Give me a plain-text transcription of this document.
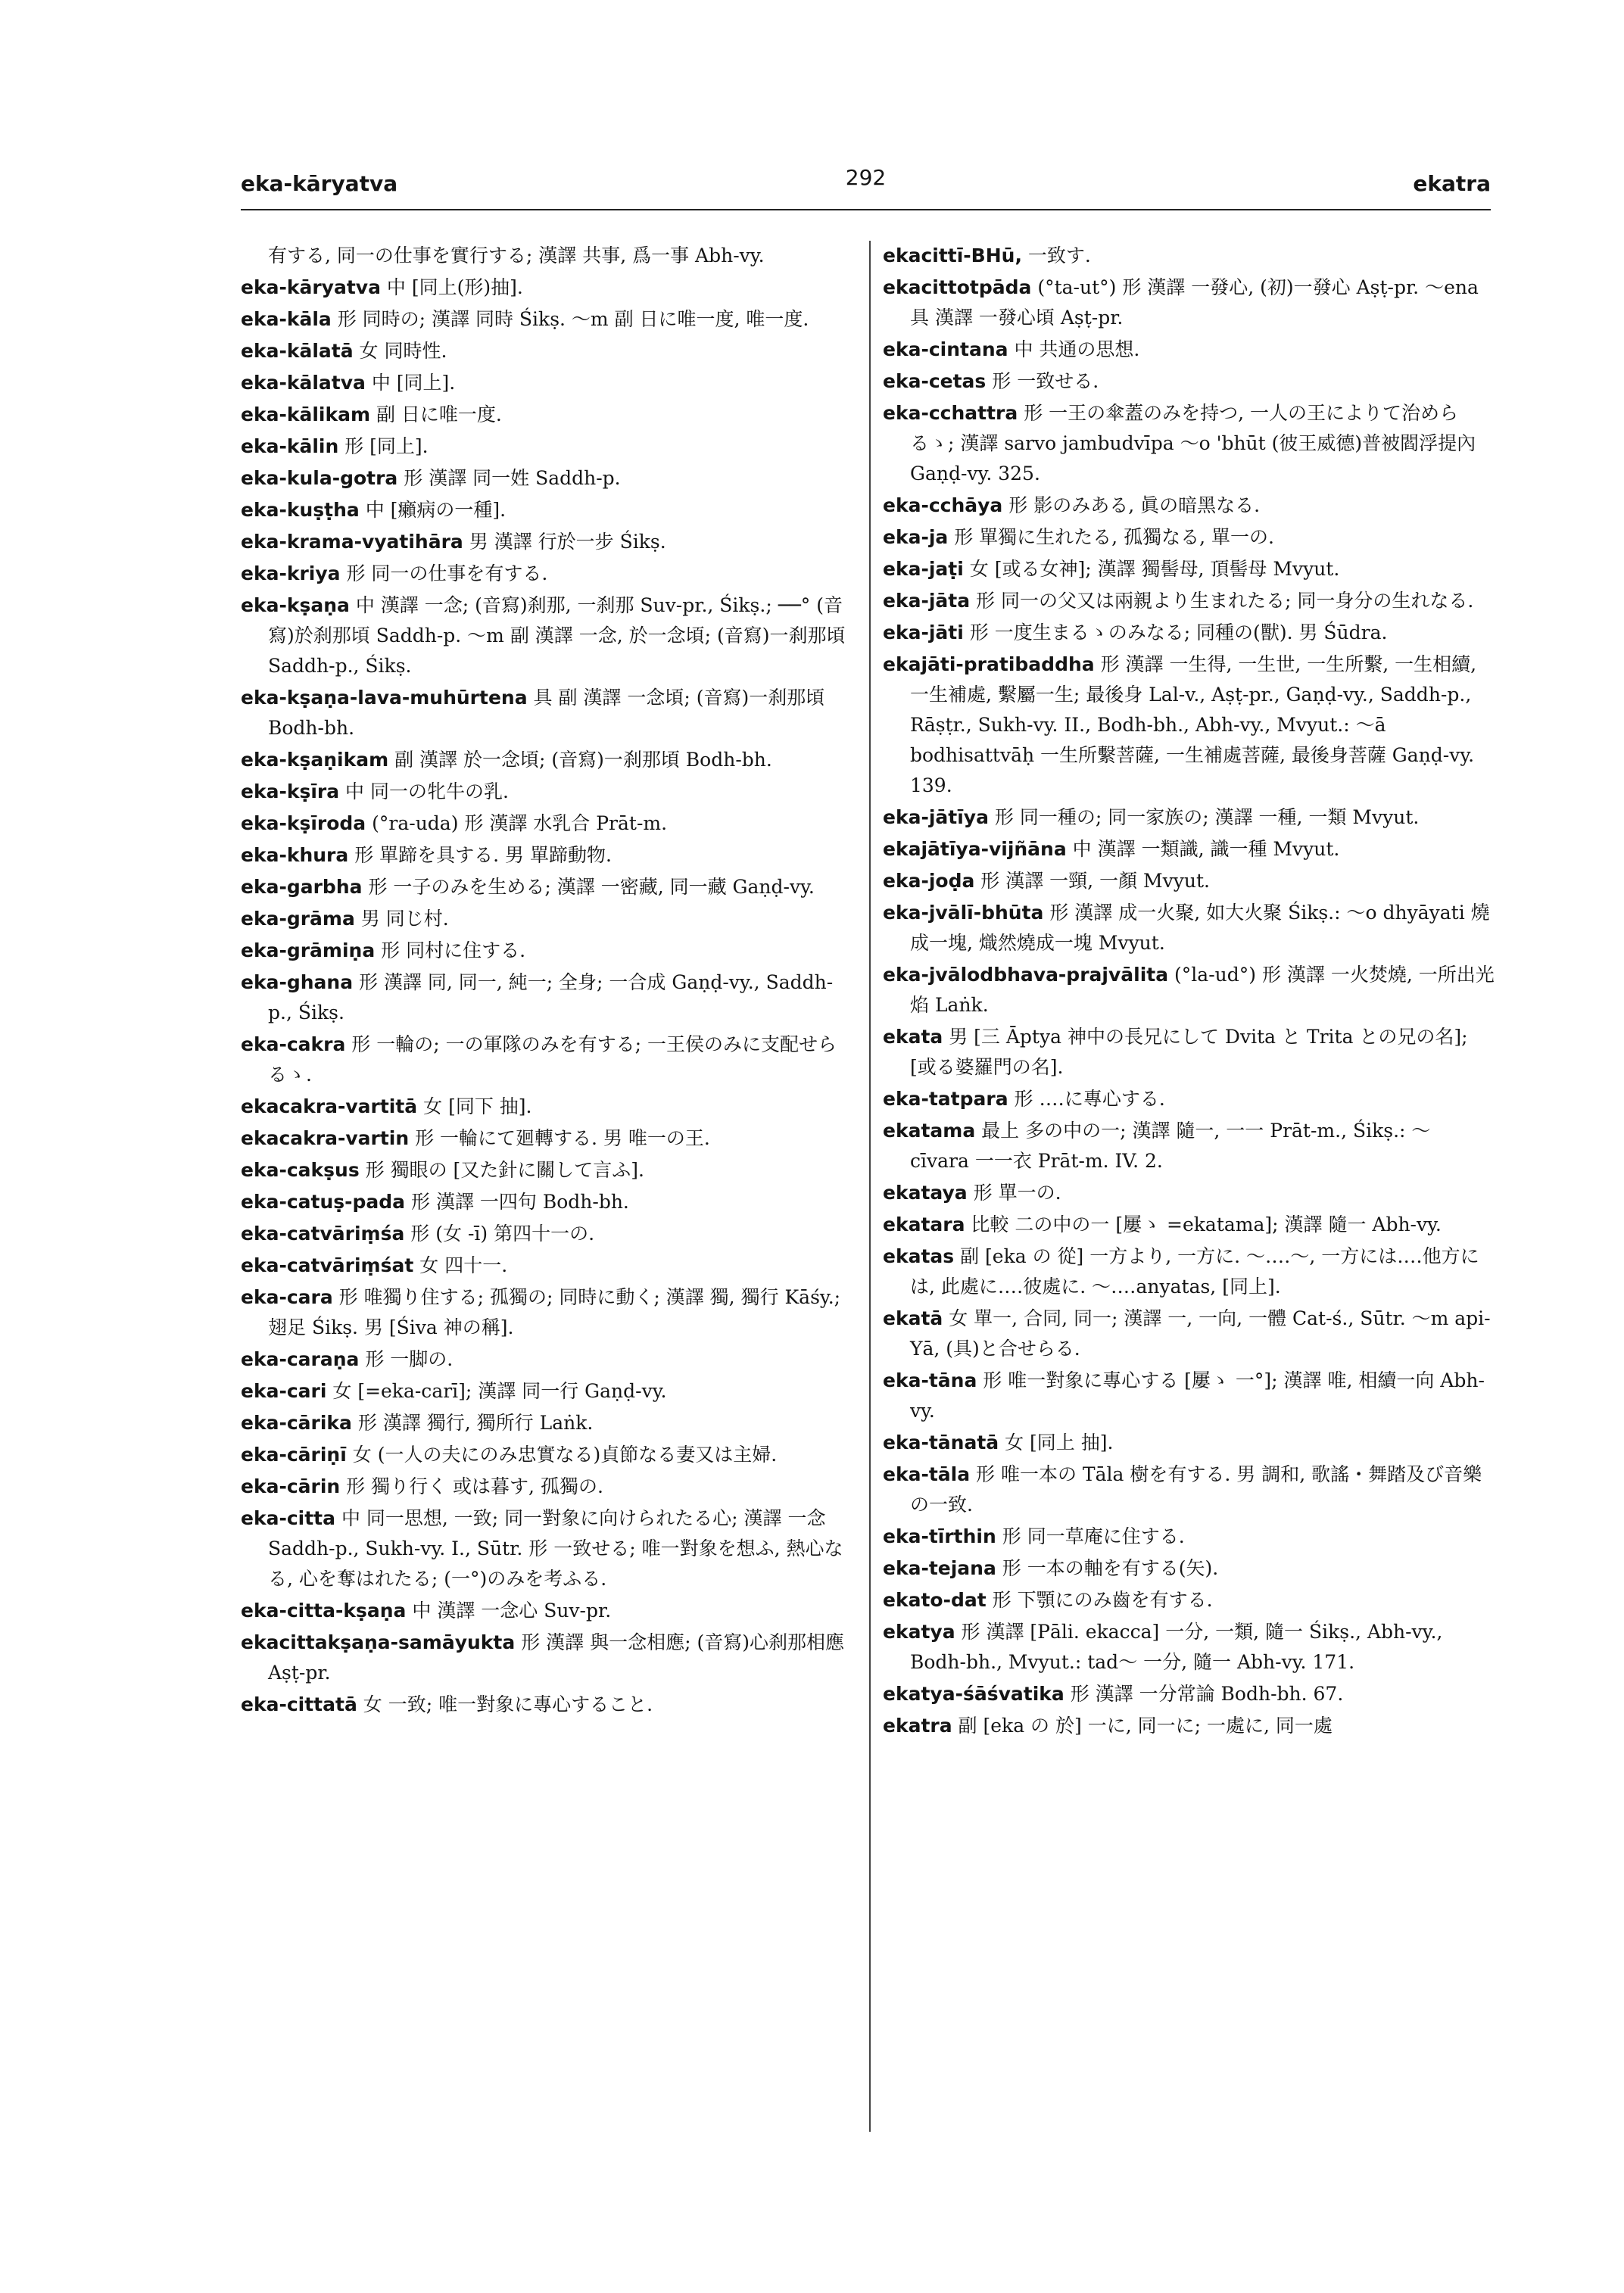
eka-kāryatva	292	ekatra
有する, 同一の仕事を實行する; 漢譯 共事, 爲一事 Abh-vy.
eka-kāryatva 中 [同上(形)抽].
eka-kāla 形 同時の; 漢譯 同時 Śikṣ. ～m 副 日に唯一度, 唯一度.
eka-kālatā 女 同時性.
eka-kālatva 中 [同上].
eka-kālikam 副 日に唯一度.
eka-kālin 形 [同上].
eka-kula-gotra 形 漢譯 同一姓 Saddh-p.
eka-kuṣṭha 中 [癩病の一種].
eka-krama-vyatihāra 男 漢譯 行於一步 Śikṣ.
eka-kriya 形 同一の仕事を有する.
eka-kṣaṇa 中 漢譯 一念; (音寫)刹那, 一刹那 Suv-pr., Śikṣ.; ──° (音寫)於刹那頃 Saddh-p. ～m 副 漢譯 一念, 於一念頃; (音寫)一刹那頃 Saddh-p., Śikṣ.
eka-kṣaṇa-lava-muhūrtena 具 副 漢譯 一念頃; (音寫)一刹那頃 Bodh-bh.
eka-kṣaṇikam 副 漢譯 於一念頃; (音寫)一刹那頃 Bodh-bh.
eka-kṣīra 中 同一の牝牛の乳.
eka-kṣīroda (°ra-uda) 形 漢譯 水乳合 Prāt-m.
eka-khura 形 單蹄を具する. 男 單蹄動物.
eka-garbha 形 一子のみを生める; 漢譯 一密藏, 同一藏 Gaṇḍ-vy.
eka-grāma 男 同じ村.
eka-grāmiṇa 形 同村に住する.
eka-ghana 形 漢譯 同, 同一, 純一; 全身; 一合成 Gaṇḍ-vy., Saddh-p., Śikṣ.
eka-cakra 形 一輪の; 一の軍隊のみを有する; 一王侯のみに支配せらるゝ.
ekacakra-vartitā 女 [同下 抽].
ekacakra-vartin 形 一輪にて廻轉する. 男 唯一の王.
eka-cakṣus 形 獨眼の [又た針に關して言ふ].
eka-catuṣ-pada 形 漢譯 一四句 Bodh-bh.
eka-catvāriṃśa 形 (女 -ī) 第四十一の.
eka-catvāriṃśat 女 四十一.
eka-cara 形 唯獨り住する; 孤獨の; 同時に動く; 漢譯 獨, 獨行 Kāśy.; 翅足 Śikṣ. 男 [Śiva 神の稱].
eka-caraṇa 形 一脚の.
eka-cari 女 [=eka-carī]; 漢譯 同一行 Gaṇḍ-vy.
eka-cārika 形 漢譯 獨行, 獨所行 Laṅk.
eka-cāriṇī 女 (一人の夫にのみ忠實なる)貞節なる妻又は主婦.
eka-cārin 形 獨り行く 或は暮す, 孤獨の.
eka-citta 中 同一思想, 一致; 同一對象に向けられたる心; 漢譯 一念 Saddh-p., Sukh-vy. I., Sūtr. 形 一致せる; 唯一對象を想ふ, 熱心なる, 心を奪はれたる; (一°)のみを考ふる.
eka-citta-kṣaṇa 中 漢譯 一念心 Suv-pr.
ekacittakṣaṇa-samāyukta 形 漢譯 與一念相應; (音寫)心刹那相應 Aṣṭ-pr.
eka-cittatā 女 一致; 唯一對象に專心すること.
ekacittī-BHū, 一致す.
ekacittotpāda (°ta-ut°) 形 漢譯 一發心, (初)一發心 Aṣṭ-pr. ～ena 具 漢譯 一發心頃 Aṣṭ-pr.
eka-cintana 中 共通の思想.
eka-cetas 形 一致せる.
eka-cchattra 形 一王の傘蓋のみを持つ, 一人の王によりて治めらるゝ; 漢譯 sarvo jambudvīpa ～o 'bhūt (彼王威德)普被閻浮提內 Gaṇḍ-vy. 325.
eka-cchāya 形 影のみある, 眞の暗黑なる.
eka-ja 形 單獨に生れたる, 孤獨なる, 單一の.
eka-jaṭi 女 [或る女神]; 漢譯 獨髻母, 頂髻母 Mvyut.
eka-jāta 形 同一の父又は兩親より生まれたる; 同一身分の生れなる.
eka-jāti 形 一度生まるゝのみなる; 同種の(獸). 男 Śūdra.
ekajāti-pratibaddha 形 漢譯 一生得, 一生世, 一生所繫, 一生相續, 一生補處, 繫屬一生; 最後身 Lal-v., Aṣṭ-pr., Gaṇḍ-vy., Saddh-p., Rāṣṭr., Sukh-vy. II., Bodh-bh., Abh-vy., Mvyut.: ～ā bodhisattvāḥ 一生所繫菩薩, 一生補處菩薩, 最後身菩薩 Gaṇḍ-vy. 139.
eka-jātīya 形 同一種の; 同一家族の; 漢譯 一種, 一類 Mvyut.
ekajātīya-vijñāna 中 漢譯 一類識, 識一種 Mvyut.
eka-joḍa 形 漢譯 一頸, 一顏 Mvyut.
eka-jvālī-bhūta 形 漢譯 成一火聚, 如大火聚 Śikṣ.: ～o dhyāyati 燒成一塊, 熾然燒成一塊 Mvyut.
eka-jvālodbhava-prajvālita (°la-ud°) 形 漢譯 一火焚燒, 一所出光焰 Laṅk.
ekata 男 [三 Āptya 神中の長兄にして Dvita と Trita との兄の名]; [或る婆羅門の名].
eka-tatpara 形 ‥‥に專心する.
ekatama 最上 多の中の一; 漢譯 隨一, 一一 Prāt-m., Śikṣ.: ～ cīvara 一一衣 Prāt-m. IV. 2.
ekataya 形 單一の.
ekatara 比較 二の中の一 [屢ゝ =ekatama]; 漢譯 隨一 Abh-vy.
ekatas 副 [eka の 從] 一方より, 一方に. ～‥‥～, 一方には‥‥他方には, 此處に‥‥彼處に. ～‥‥anyatas, [同上].
ekatā 女 單一, 合同, 同一; 漢譯 一, 一向, 一體 Cat-ś., Sūtr. ～m api-Yā, (具)と合せらる.
eka-tāna 形 唯一對象に專心する [屢ゝ 一°]; 漢譯 唯, 相續一向 Abh-vy.
eka-tānatā 女 [同上 抽].
eka-tāla 形 唯一本の Tāla 樹を有する. 男 調和, 歌謠・舞踏及び音樂の一致.
eka-tīrthin 形 同一草庵に住する.
eka-tejana 形 一本の軸を有する(矢).
ekato-dat 形 下顎にのみ齒を有する.
ekatya 形 漢譯 [Pāli. ekacca] 一分, 一類, 隨一 Śikṣ., Abh-vy., Bodh-bh., Mvyut.: tad～ 一分, 隨一 Abh-vy. 171.
ekatya-śāśvatika 形 漢譯 一分常論 Bodh-bh. 67.
ekatra 副 [eka の 於] 一に, 同一に; 一處に, 同一處
